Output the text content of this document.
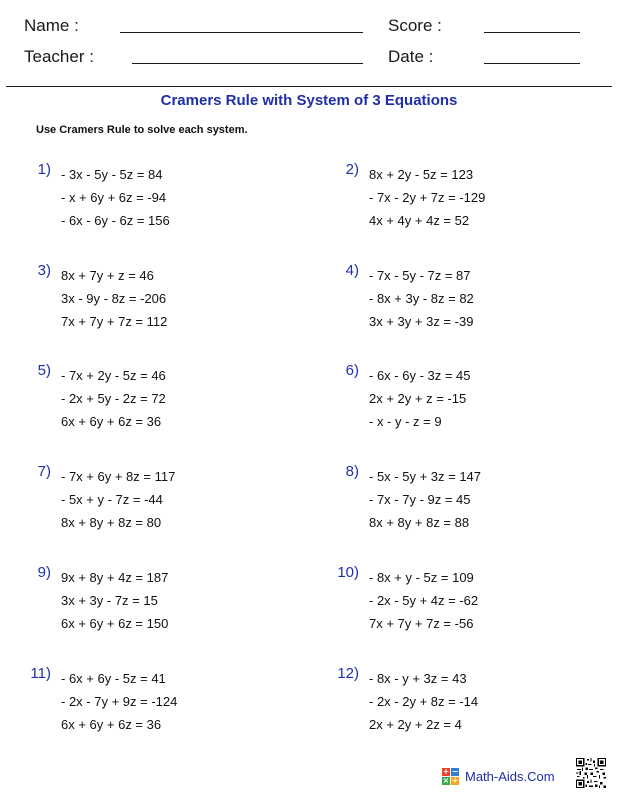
Name :	Score :
Teacher :	Date :
Cramers Rule with System of 3 Equations
Use Cramers Rule to solve each system.
1) - 3x - 5y - 5z = 84
- x + 6y + 6z = -94
- 6x - 6y - 6z = 156
2) 8x + 2y - 5z = 123
- 7x - 2y + 7z = -129
4x + 4y + 4z = 52
3) 8x + 7y + z = 46
3x - 9y - 8z = -206
7x + 7y + 7z = 112
4) - 7x - 5y - 7z = 87
- 8x + 3y - 8z = 82
3x + 3y + 3z = -39
5) - 7x + 2y - 5z = 46
- 2x + 5y - 2z = 72
6x + 6y + 6z = 36
6) - 6x - 6y - 3z = 45
2x + 2y + z = -15
- x - y - z = 9
7) - 7x + 6y + 8z = 117
- 5x + y - 7z = -44
8x + 8y + 8z = 80
8) - 5x - 5y + 3z = 147
- 7x - 7y - 9z = 45
8x + 8y + 8z = 88
9) 9x + 8y + 4z = 187
3x + 3y - 7z = 15
6x + 6y + 6z = 150
10) - 8x + y - 5z = 109
- 2x - 5y + 4z = -62
7x + 7y + 7z = -56
11) - 6x + 6y - 5z = 41
- 2x - 7y + 9z = -124
6x + 6y + 6z = 36
12) - 8x - y + 3z = 43
- 2x - 2y + 8z = -14
2x + 2y + 2z = 4
+ −
× ÷ Math-Aids.Com
